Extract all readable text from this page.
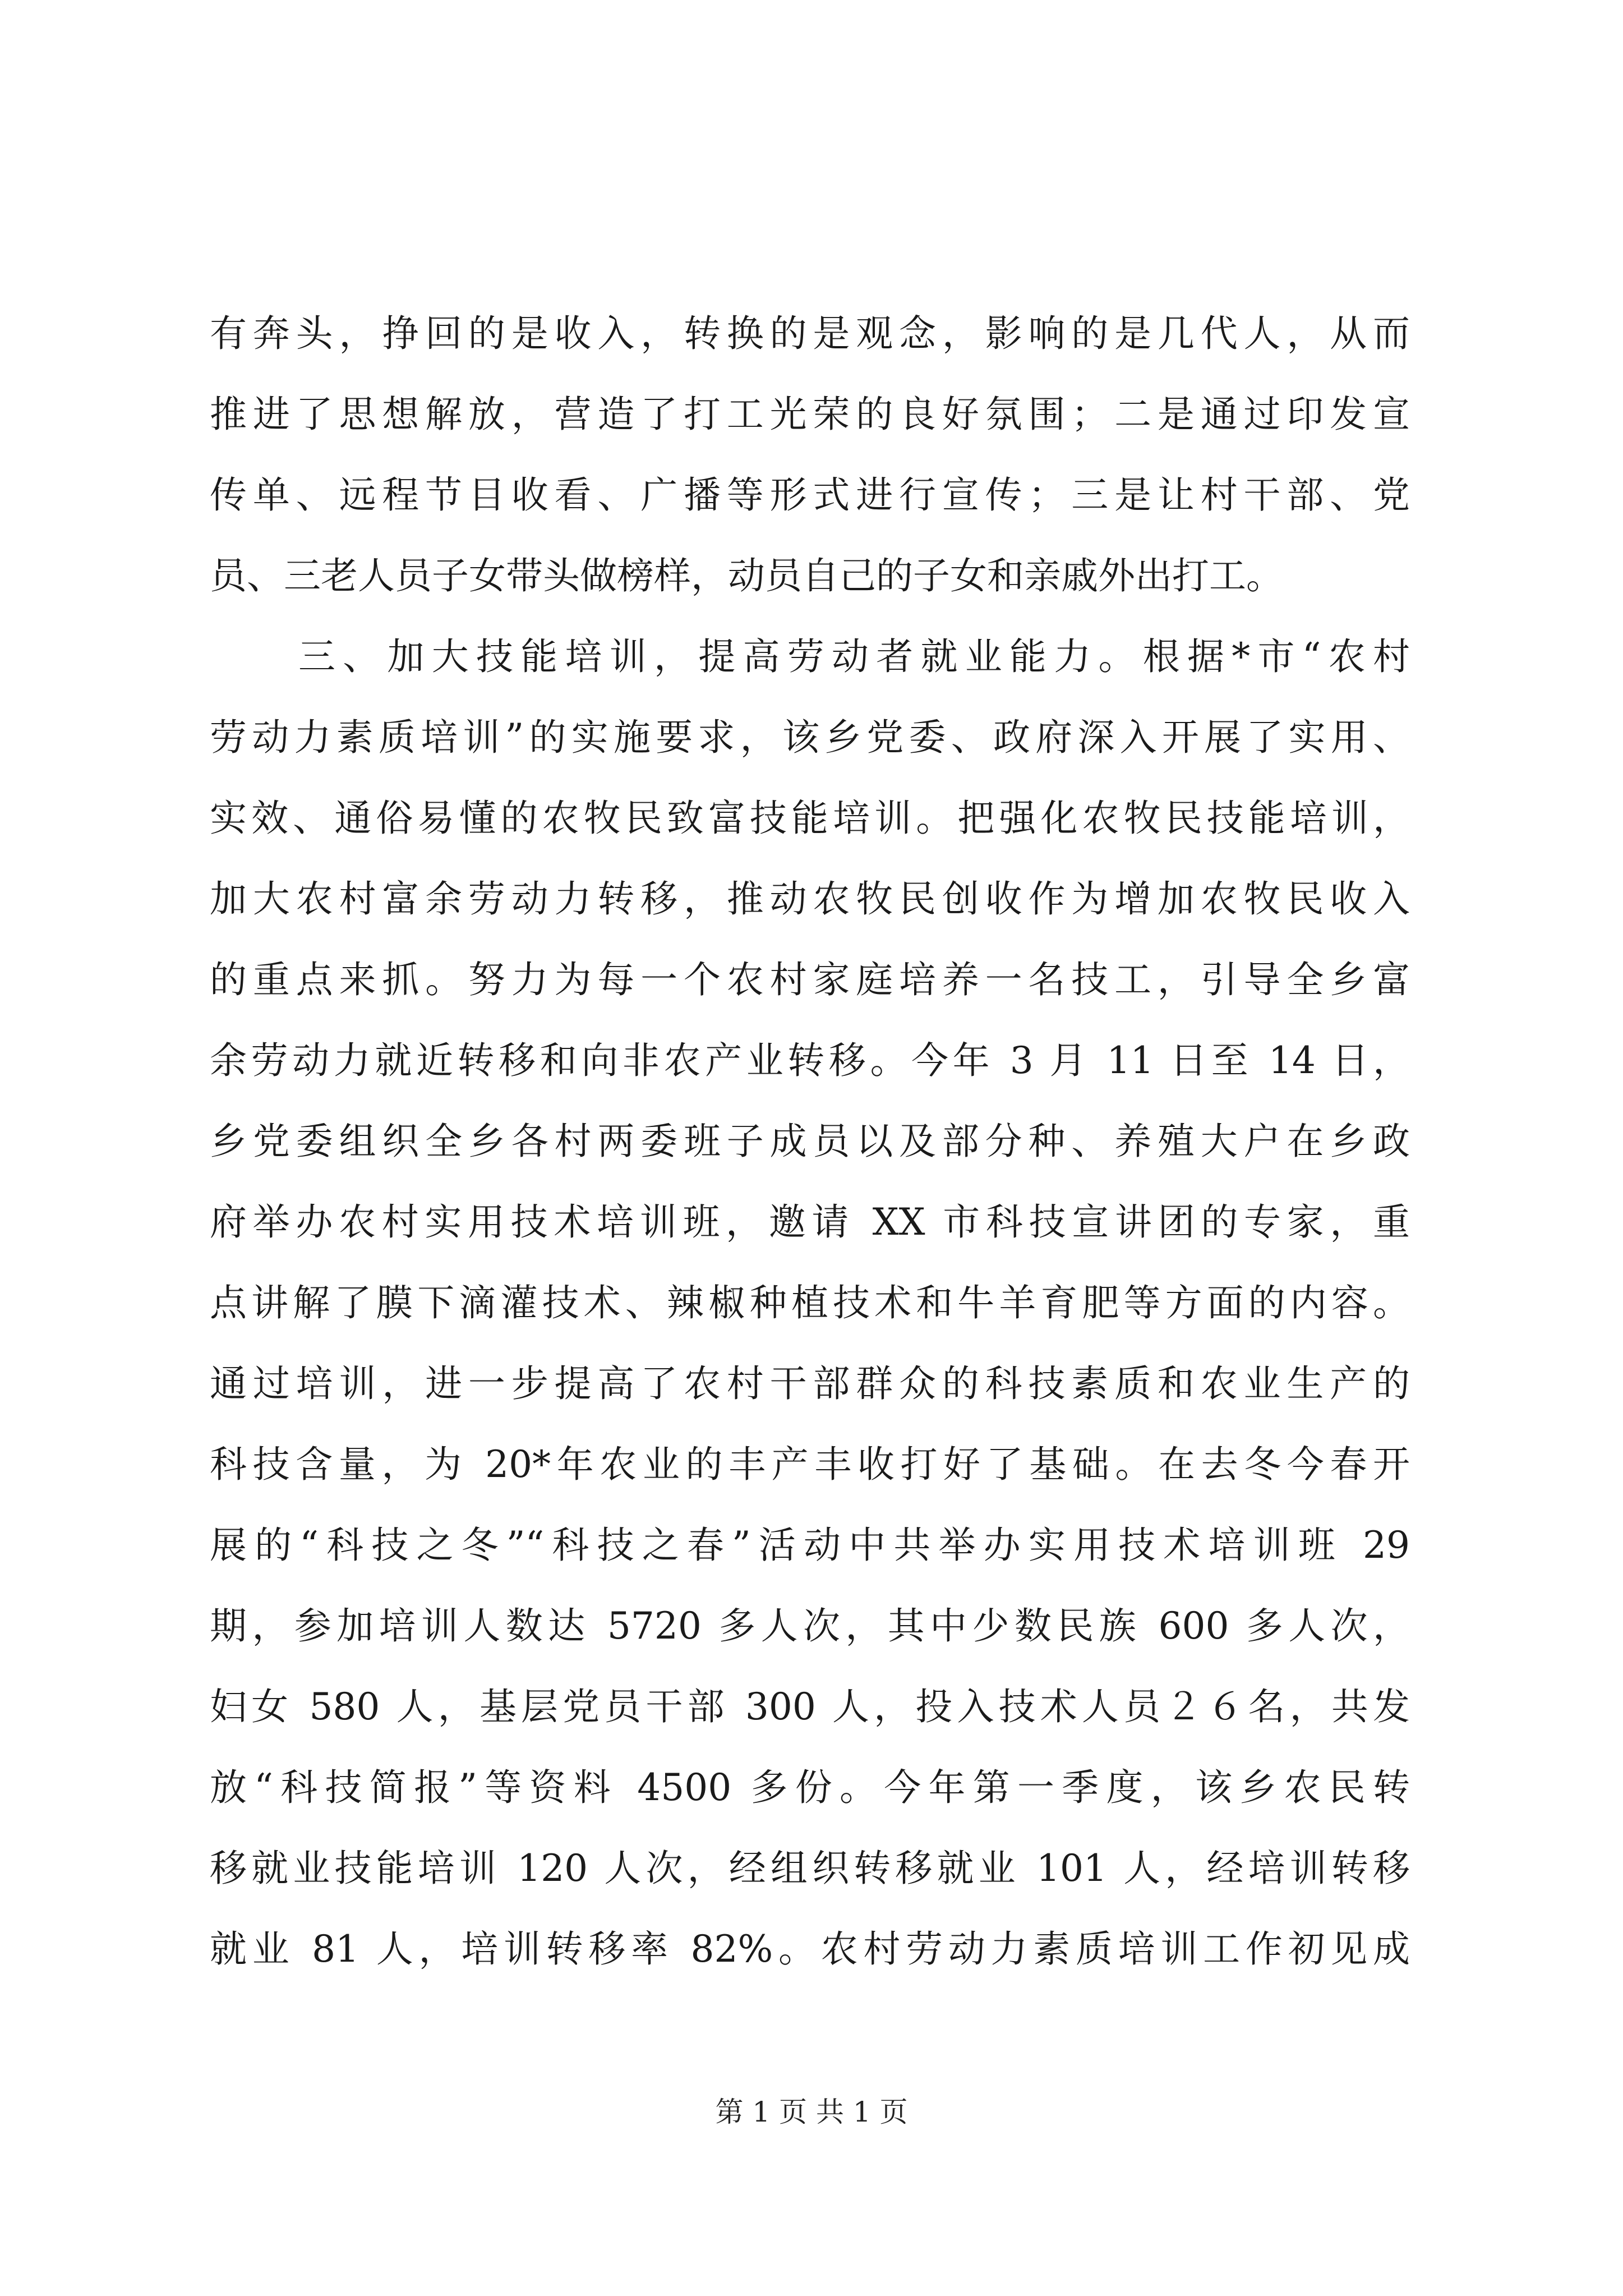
有奔头，挣回的是收入，转换的是观念，影响的是几代人，从而
推进了思想解放，营造了打工光荣的良好氛围；二是通过印发宣
传单、远程节目收看、广播等形式进行宣传；三是让村干部、党
员、三老人员子女带头做榜样，动员自己的子女和亲戚外出打工。
三、加大技能培训，提高劳动者就业能力。根据*市“农村
劳动力素质培训”的实施要求，该乡党委、政府深入开展了实用、
实效、通俗易懂的农牧民致富技能培训。把强化农牧民技能培训，
加大农村富余劳动力转移，推动农牧民创收作为增加农牧民收入
的重点来抓。努力为每一个农村家庭培养一名技工，引导全乡富
余劳动力就近转移和向非农产业转移。今年 3 月 11 日至 14 日，
乡党委组织全乡各村两委班子成员以及部分种、养殖大户在乡政
府举办农村实用技术培训班，邀请 XX 市科技宣讲团的专家，重
点讲解了膜下滴灌技术、辣椒种植技术和牛羊育肥等方面的内容。
通过培训，进一步提高了农村干部群众的科技素质和农业生产的
科技含量，为 20*年农业的丰产丰收打好了基础。在去冬今春开
展的“科技之冬”“科技之春”活动中共举办实用技术培训班 29
期，参加培训人数达 5720 多人次，其中少数民族 600 多人次，
妇女 580 人，基层党员干部 300 人，投入技术人员２６名，共发
放“科技简报”等资料 4500 多份。今年第一季度，该乡农民转
移就业技能培训 120 人次，经组织转移就业 101 人，经培训转移
就业 81 人，培训转移率 82%。农村劳动力素质培训工作初见成
第 1 页 共 1 页
